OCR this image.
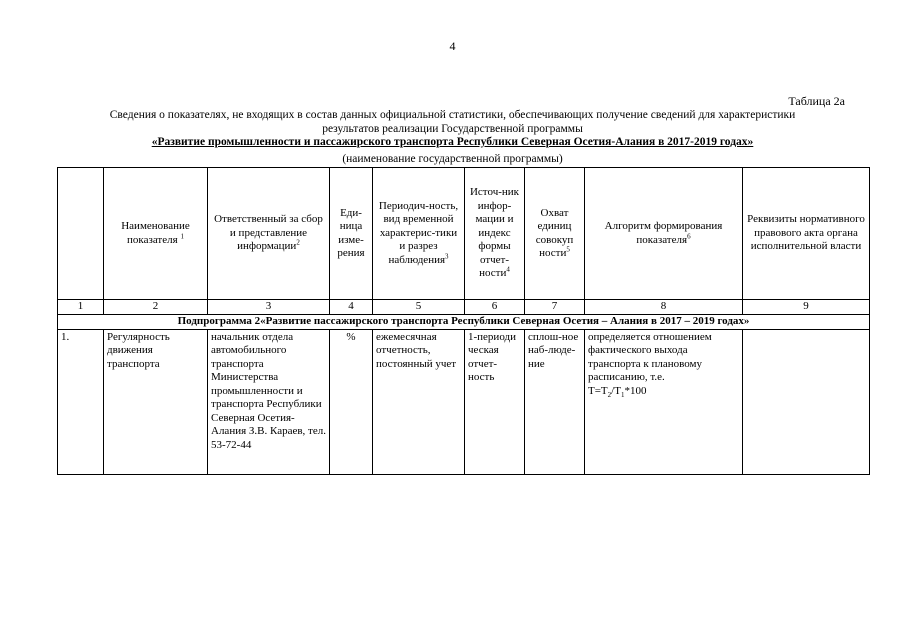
4
Таблица 2а
Сведения о показателях, не входящих в состав данных официальной статистики, обеспечивающих получение сведений для характеристики
результатов реализации Государственной программы
«Развитие промышленности и пассажирского транспорта Республики Северная Осетия-Алания в 2017-2019 годах»
(наименование государственной программы)
	Наименование показателя $^1$	Ответственный за сбор и представление информации$^2$	Еди-ница изме-рения	Периодич-ность, вид временной характерис-тики и разрез наблюдения$^3$	Источ-ник инфор-мации и индекс формы отчет-ности$^4$	Охват единиц совокуп ности$^5$	Алгоритм формирования показателя$^6$	Реквизиты нормативного правового акта органа исполнительной власти
1	2	3	4	5	6	7	8	9
Подпрограмма 2«Развитие пассажирского транспорта Республики Северная Осетия – Алания в 2017 – 2019 годах»								
1.	Регулярность движения транспорта	начальник отдела автомобильного транспорта Министерства промышленности и транспорта Республики Северная Осетия-Алания З.В. Караев, тел. 53-72-44	%	ежемесячная отчетность, постоянный учет	1-периоди ческая отчет-ность	сплош-ное наб-люде-ние	определяется отношением фактического выхода транспорта к плановому расписанию, т.е.
$Т=Т_2/Т_1*100$	
